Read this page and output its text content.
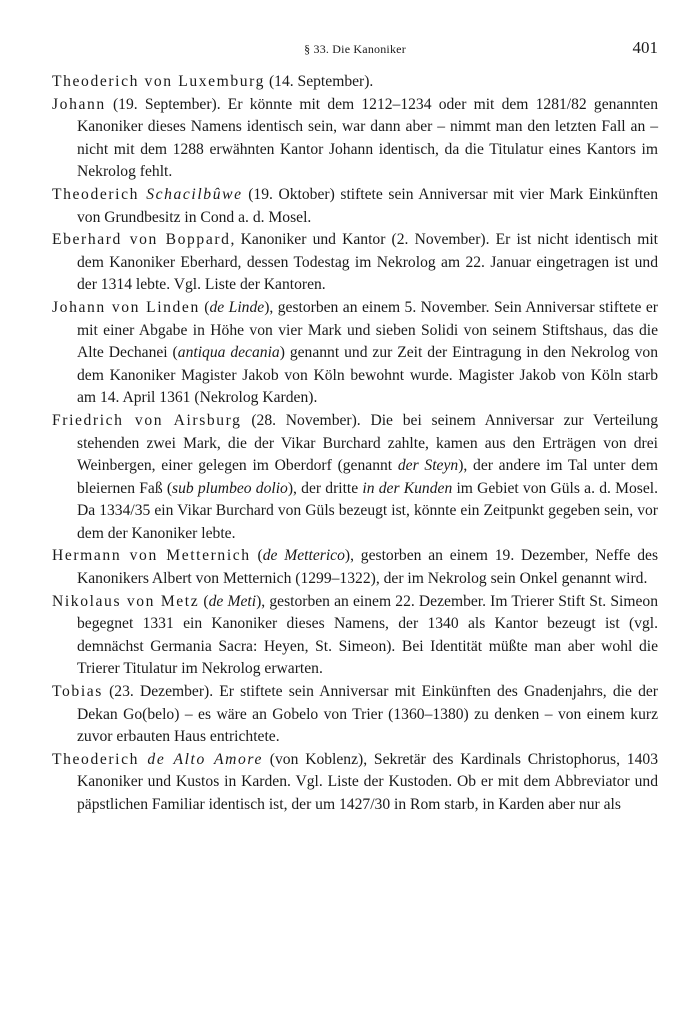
§ 33. Die Kanoniker	401

Theoderich von Luxemburg (14. September).

Johann (19. September). Er könnte mit dem 1212–1234 oder mit dem 1281/82 genannten Kanoniker dieses Namens identisch sein, war dann aber – nimmt man den letzten Fall an – nicht mit dem 1288 erwähnten Kantor Johann identisch, da die Titulatur eines Kantors im Nekrolog fehlt.

Theoderich Schacilbûwe (19. Oktober) stiftete sein Anniversar mit vier Mark Einkünften von Grundbesitz in Cond a. d. Mosel.

Eberhard von Boppard, Kanoniker und Kantor (2. November). Er ist nicht identisch mit dem Kanoniker Eberhard, dessen Todestag im Nekrolog am 22. Januar eingetragen ist und der 1314 lebte. Vgl. Liste der Kantoren.

Johann von Linden (de Linde), gestorben an einem 5. November. Sein Anniversar stiftete er mit einer Abgabe in Höhe von vier Mark und sieben Solidi von seinem Stiftshaus, das die Alte Dechanei (antiqua decania) genannt und zur Zeit der Eintragung in den Nekrolog von dem Kanoniker Magister Jakob von Köln bewohnt wurde. Magister Jakob von Köln starb am 14. April 1361 (Nekrolog Karden).

Friedrich von Airsburg (28. November). Die bei seinem Anniversar zur Verteilung stehenden zwei Mark, die der Vikar Burchard zahlte, kamen aus den Erträgen von drei Weinbergen, einer gelegen im Oberdorf (genannt der Steyn), der andere im Tal unter dem bleiernen Faß (sub plumbeo dolio), der dritte in der Kunden im Gebiet von Güls a. d. Mosel. Da 1334/35 ein Vikar Burchard von Güls bezeugt ist, könnte ein Zeitpunkt gegeben sein, vor dem der Kanoniker lebte.

Hermann von Metternich (de Metterico), gestorben an einem 19. Dezember, Neffe des Kanonikers Albert von Metternich (1299–1322), der im Nekrolog sein Onkel genannt wird.

Nikolaus von Metz (de Meti), gestorben an einem 22. Dezember. Im Trierer Stift St. Simeon begegnet 1331 ein Kanoniker dieses Namens, der 1340 als Kantor bezeugt ist (vgl. demnächst Germania Sacra: Heyen, St. Simeon). Bei Identität müßte man aber wohl die Trierer Titulatur im Nekrolog erwarten.

Tobias (23. Dezember). Er stiftete sein Anniversar mit Einkünften des Gnadenjahrs, die der Dekan Go(belo) – es wäre an Gobelo von Trier (1360–1380) zu denken – von einem kurz zuvor erbauten Haus entrichtete.

Theoderich de Alto Amore (von Koblenz), Sekretär des Kardinals Christophorus, 1403 Kanoniker und Kustos in Karden. Vgl. Liste der Kustoden. Ob er mit dem Abbreviator und päpstlichen Familiar identisch ist, der um 1427/30 in Rom starb, in Karden aber nur als
